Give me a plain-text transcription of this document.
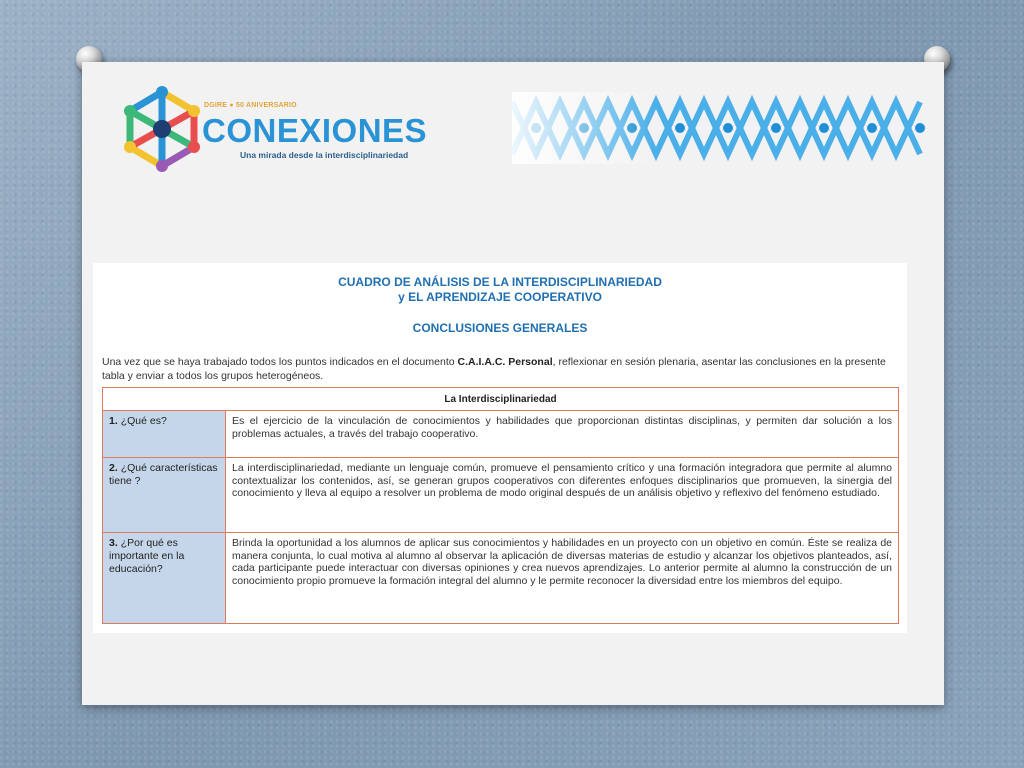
DGIRE ● 50 ANIVERSARIO
CONEXIONES
Una mirada desde la interdisciplinariedad
CUADRO DE ANÁLISIS DE LA INTERDISCIPLINARIEDAD
y EL APRENDIZAJE COOPERATIVO
CONCLUSIONES GENERALES
Una vez que se haya trabajado todos los puntos indicados en el documento C.A.I.A.C. Personal, reflexionar en sesión plenaria, asentar las conclusiones en la presente tabla y enviar a todos los grupos heterogéneos.
La Interdisciplinariedad	
1. ¿Qué es?	Es el ejercicio de la vinculación de conocimientos y habilidades que proporcionan distintas disciplinas, y permiten dar solución a los problemas actuales, a través del trabajo cooperativo.
2. ¿Qué características tiene ?	La interdisciplinariedad, mediante un lenguaje común, promueve el pensamiento crítico y una formación integradora que permite al alumno contextualizar los contenidos, así, se generan grupos cooperativos con diferentes enfoques disciplinarios que promueven, la sinergia del conocimiento y lleva al equipo a resolver un problema de modo original después de un análisis objetivo y reflexivo del fenómeno estudiado.
3. ¿Por qué es importante en la educación?	Brinda la oportunidad a los alumnos de aplicar sus conocimientos y habilidades en un proyecto con un objetivo en común. Éste se realiza de manera conjunta, lo cual motiva al alumno al observar la aplicación de diversas materias de estudio y alcanzar los objetivos planteados, así, cada participante puede interactuar con diversas opiniones y crea nuevos aprendizajes. Lo anterior permite al alumno la construcción de un conocimiento propio promueve la formación integral del alumno y le permite reconocer la diversidad entre los miembros del equipo.
